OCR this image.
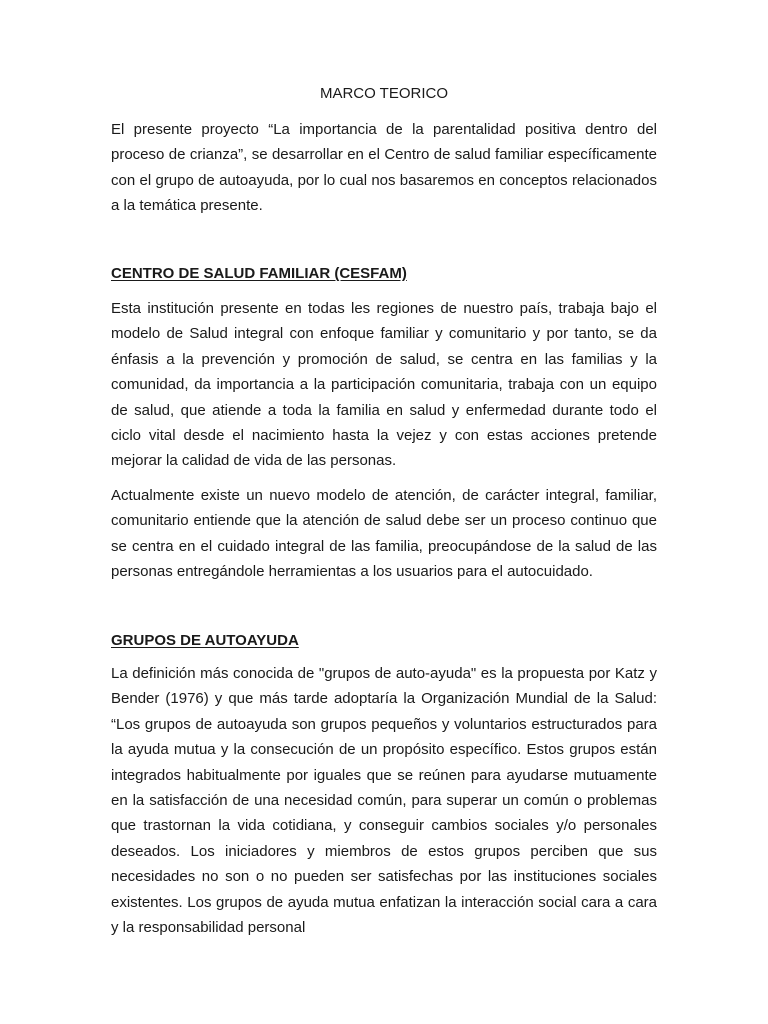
MARCO TEORICO

El presente proyecto “La importancia de la parentalidad positiva dentro del proceso de crianza”, se desarrollar en el Centro de salud familiar específicamente con el grupo de autoayuda, por lo cual nos basaremos en conceptos relacionados a la temática presente.

CENTRO DE SALUD FAMILIAR (CESFAM)

Esta institución presente en todas les regiones de nuestro país, trabaja bajo el modelo de Salud integral con enfoque familiar y comunitario y por tanto, se da énfasis a la prevención y promoción de salud, se centra en las familias y la comunidad, da importancia a la participación comunitaria, trabaja con un equipo de salud, que atiende a toda la familia en salud y enfermedad durante todo el ciclo vital desde el nacimiento hasta la vejez y con estas acciones pretende mejorar la calidad de vida de las personas.

Actualmente existe un nuevo modelo de atención, de carácter integral, familiar, comunitario entiende que la atención de salud debe ser un proceso continuo que se centra en el cuidado integral de las familia, preocupándose de la salud de las personas entregándole herramientas a los usuarios para el autocuidado.

GRUPOS DE AUTOAYUDA

La definición más conocida de "grupos de auto-ayuda" es la propuesta por Katz y Bender (1976) y que más tarde adoptaría la Organización Mundial de la Salud: “Los grupos de autoayuda son grupos pequeños y voluntarios estructurados para la ayuda mutua y la consecución de un propósito específico. Estos grupos están integrados habitualmente por iguales que se reúnen para ayudarse mutuamente en la satisfacción de una necesidad común, para superar un común o problemas que trastornan la vida cotidiana, y conseguir cambios sociales y/o personales deseados. Los iniciadores y miembros de estos grupos perciben que sus necesidades no son o no pueden ser satisfechas por las instituciones sociales existentes. Los grupos de ayuda mutua enfatizan la interacción social cara a cara y la responsabilidad personal
